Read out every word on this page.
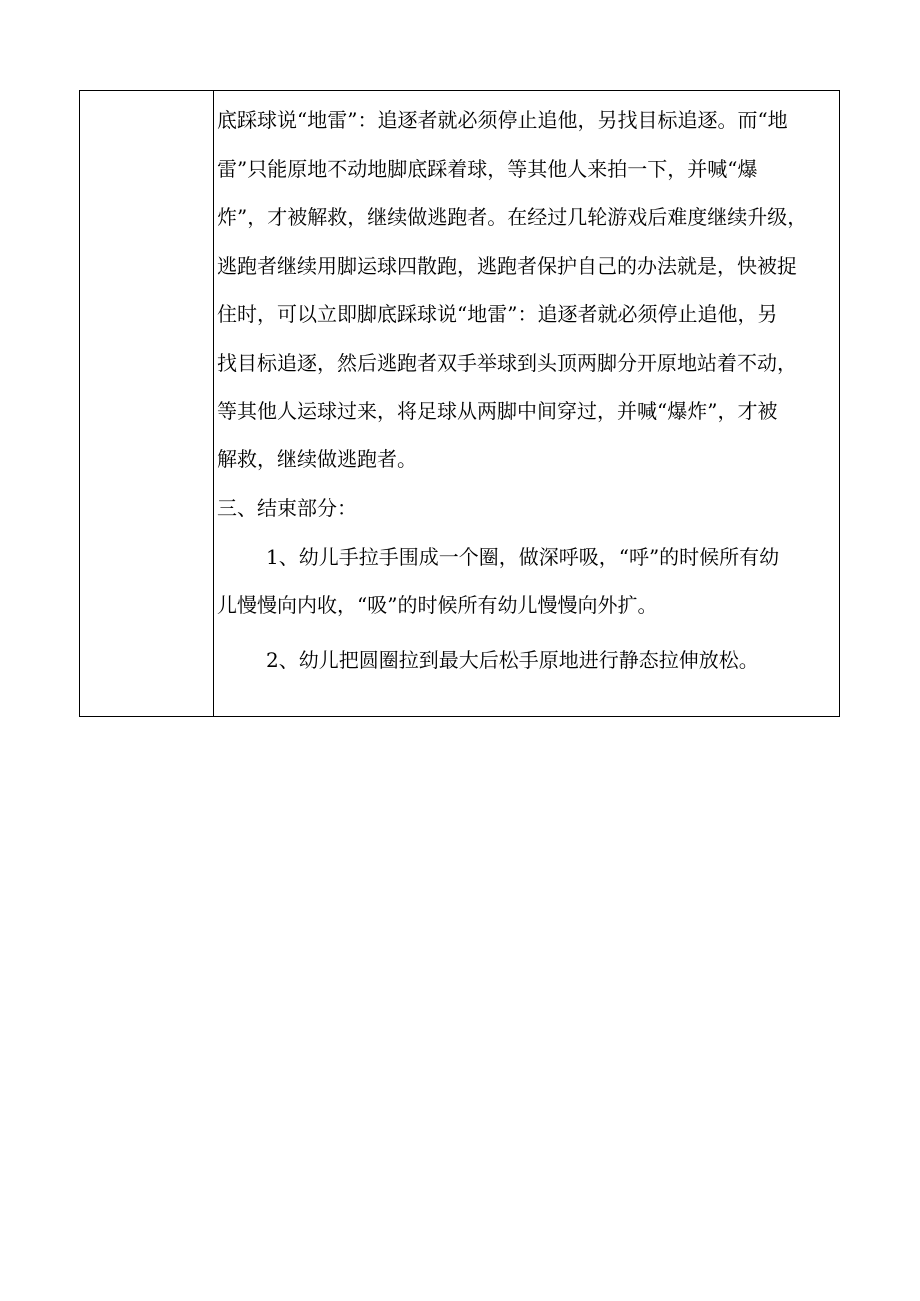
底踩球说“地雷”：追逐者就必须停止追他，另找目标追逐。而“地

雷”只能原地不动地脚底踩着球，等其他人来拍一下，并喊“爆

炸”，才被解救，继续做逃跑者。在经过几轮游戏后难度继续升级，

逃跑者继续用脚运球四散跑，逃跑者保护自己的办法就是，快被捉

住时，可以立即脚底踩球说“地雷”：追逐者就必须停止追他，另

找目标追逐，然后逃跑者双手举球到头顶两脚分开原地站着不动，

等其他人运球过来，将足球从两脚中间穿过，并喊“爆炸”，才被

解救，继续做逃跑者。

三、结束部分：

1、幼儿手拉手围成一个圈，做深呼吸，“呼”的时候所有幼

儿慢慢向内收，“吸”的时候所有幼儿慢慢向外扩。

2、幼儿把圆圈拉到最大后松手原地进行静态拉伸放松。
